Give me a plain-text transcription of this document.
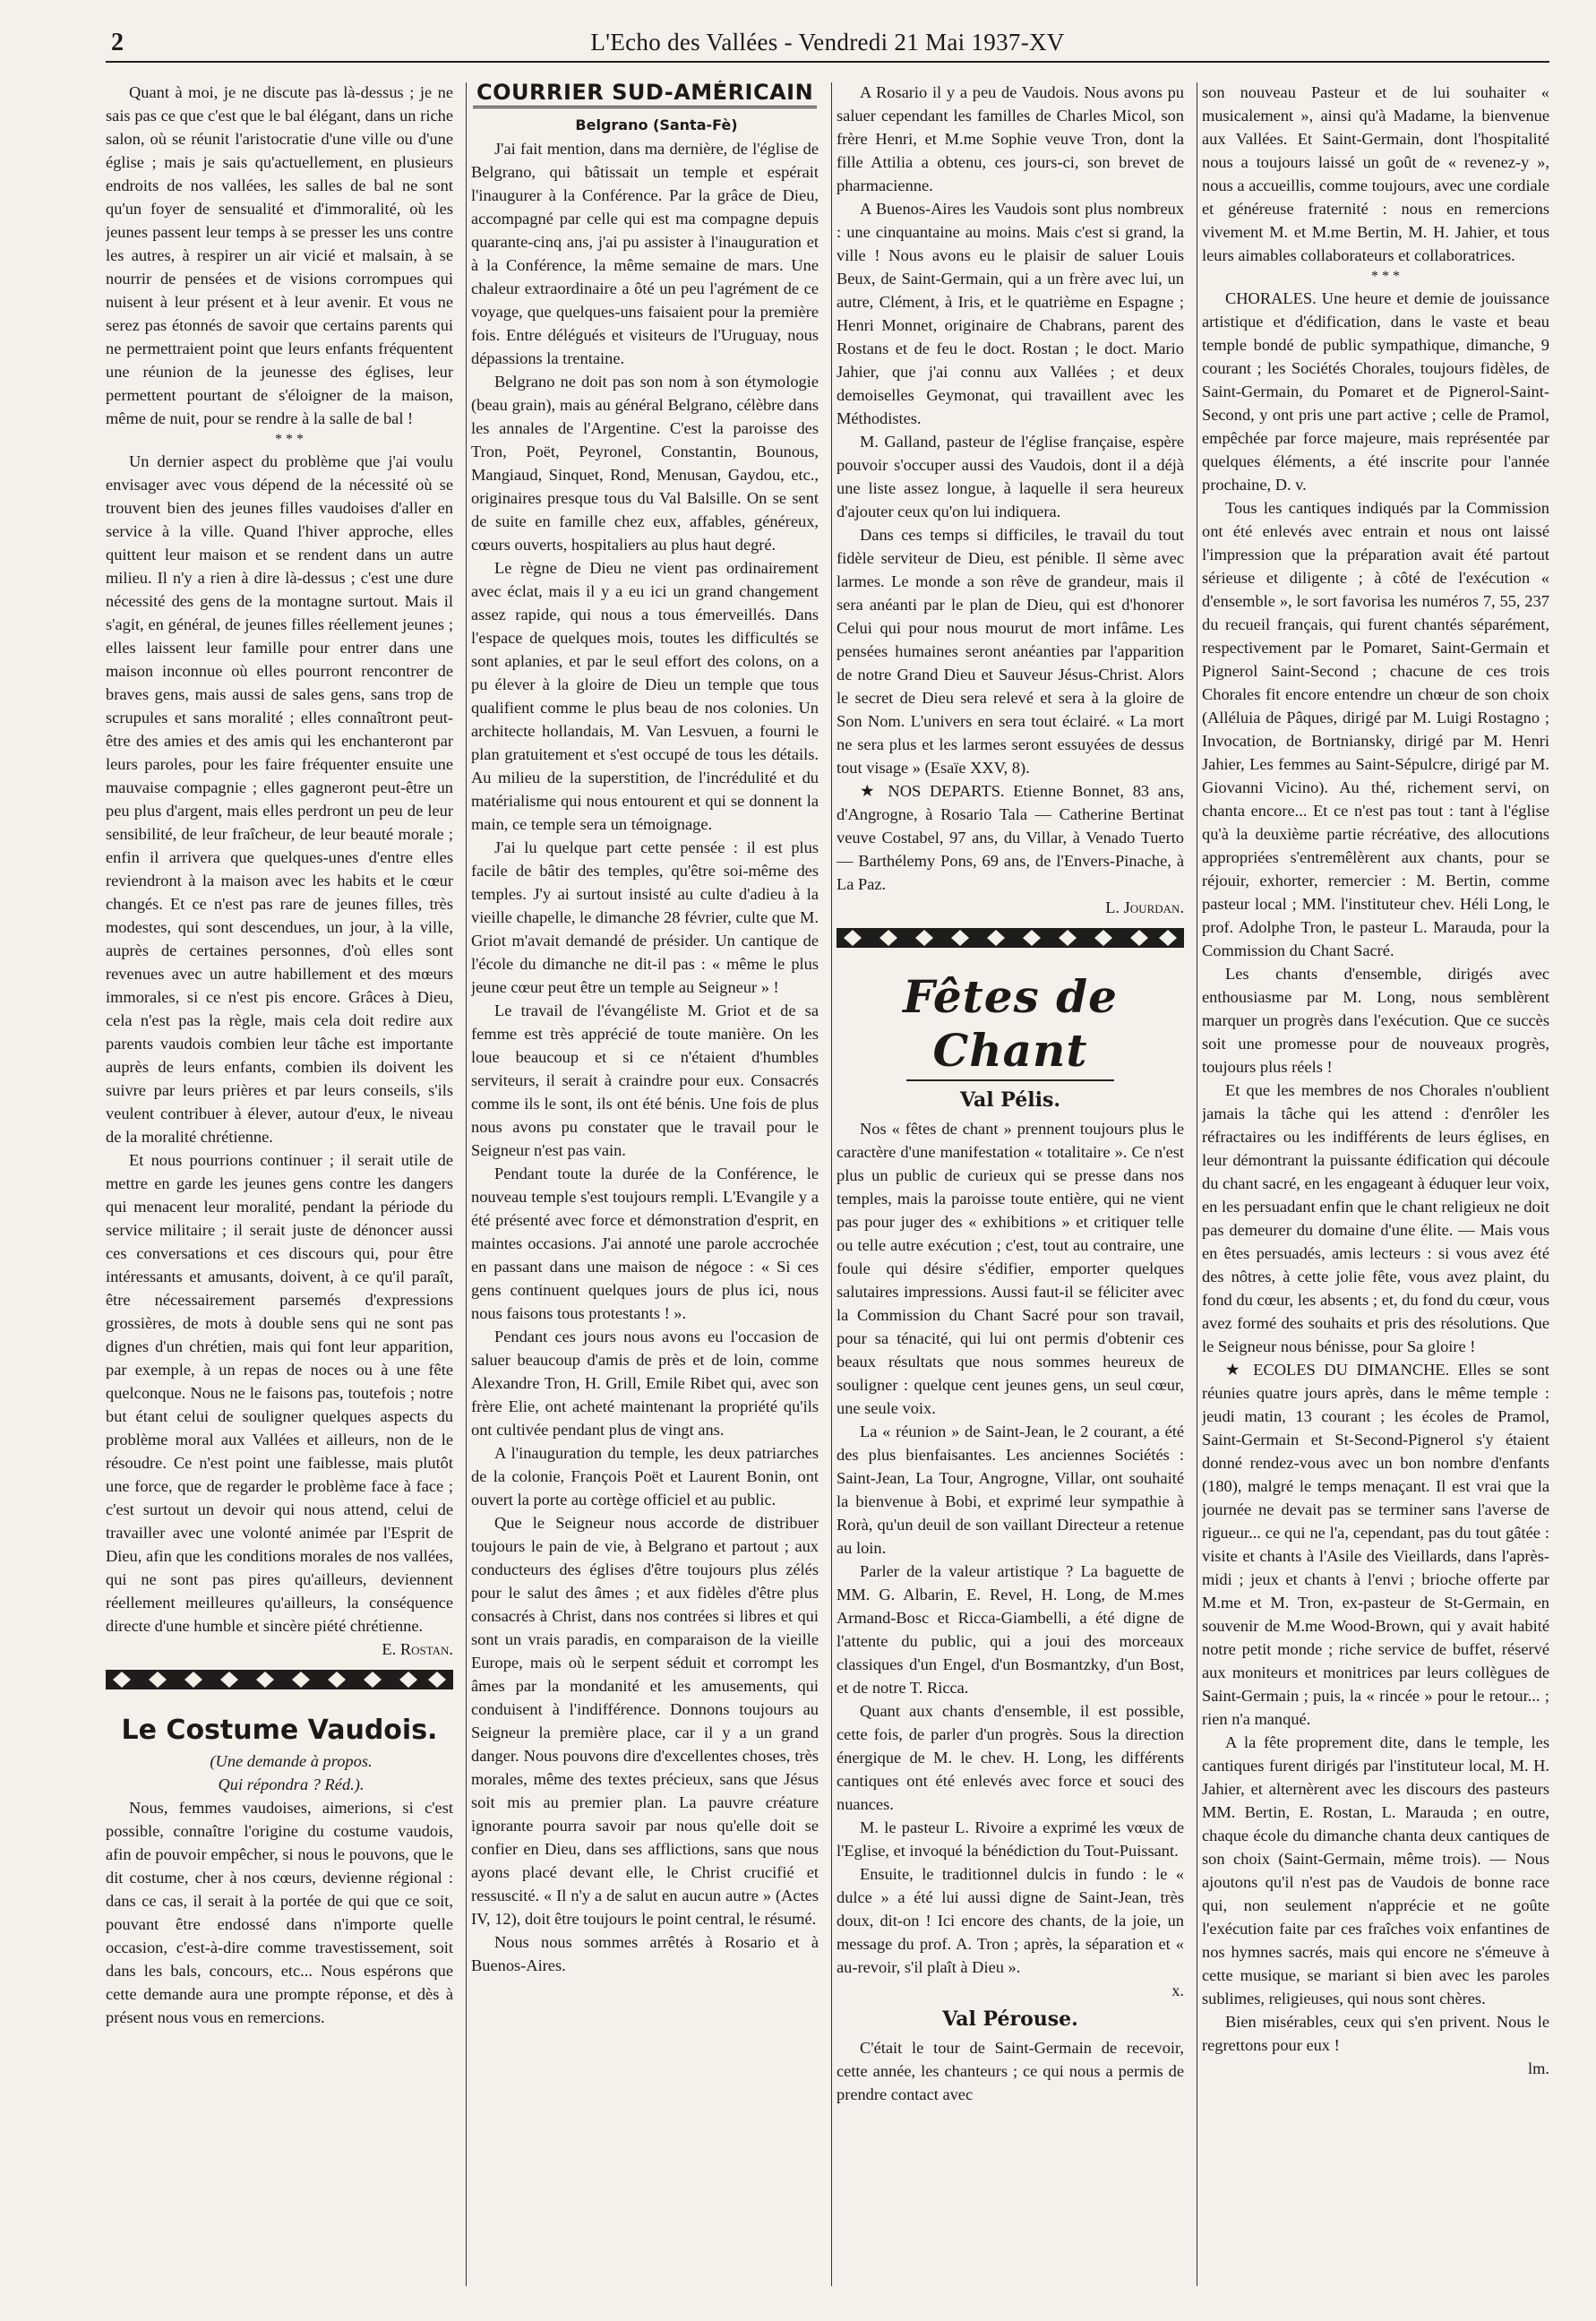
2	L'Echo des Vallées - Vendredi 21 Mai 1937-XV

Quant à moi, je ne discute pas là-dessus ; je ne sais pas ce que c'est que le bal élégant, dans un riche salon, où se réunit l'aristocratie d'une ville ou d'une église ; mais je sais qu'actuellement, en plusieurs endroits de nos vallées, les salles de bal ne sont qu'un foyer de sensualité et d'immoralité, où les jeunes passent leur temps à se presser les uns contre les autres, à respirer un air vicié et malsain, à se nourrir de pensées et de visions corrompues qui nuisent à leur présent et à leur avenir. Et vous ne serez pas étonnés de savoir que certains parents qui ne permettraient point que leurs enfants fréquentent une réunion de la jeunesse des églises, leur permettent pourtant de s'éloigner de la maison, même de nuit, pour se rendre à la salle de bal !

***

Un dernier aspect du problème que j'ai voulu envisager avec vous dépend de la nécessité où se trouvent bien des jeunes filles vaudoises d'aller en service à la ville. Quand l'hiver approche, elles quittent leur maison et se rendent dans un autre milieu. Il n'y a rien à dire là-dessus ; c'est une dure nécessité des gens de la montagne surtout. Mais il s'agit, en général, de jeunes filles réellement jeunes ; elles laissent leur famille pour entrer dans une maison inconnue où elles pourront rencontrer de braves gens, mais aussi de sales gens, sans trop de scrupules et sans moralité ; elles connaîtront peut-être des amies et des amis qui les enchanteront par leurs paroles, pour les faire fréquenter ensuite une mauvaise compagnie ; elles gagneront peut-être un peu plus d'argent, mais elles perdront un peu de leur sensibilité, de leur fraîcheur, de leur beauté morale ; enfin il arrivera que quelques-unes d'entre elles reviendront à la maison avec les habits et le cœur changés. Et ce n'est pas rare de jeunes filles, très modestes, qui sont descendues, un jour, à la ville, auprès de certaines personnes, d'où elles sont revenues avec un autre habillement et des mœurs immorales, si ce n'est pis encore. Grâces à Dieu, cela n'est pas la règle, mais cela doit redire aux parents vaudois combien leur tâche est importante auprès de leurs enfants, combien ils doivent les suivre par leurs prières et par leurs conseils, s'ils veulent contribuer à élever, autour d'eux, le niveau de la moralité chrétienne.

Et nous pourrions continuer ; il serait utile de mettre en garde les jeunes gens contre les dangers qui menacent leur moralité, pendant la période du service militaire ; il serait juste de dénoncer aussi ces conversations et ces discours qui, pour être intéressants et amusants, doivent, à ce qu'il paraît, être nécessairement parsemés d'expressions grossières, de mots à double sens qui ne sont pas dignes d'un chrétien, mais qui font leur apparition, par exemple, à un repas de noces ou à une fête quelconque. Nous ne le faisons pas, toutefois ; notre but étant celui de souligner quelques aspects du problème moral aux Vallées et ailleurs, non de le résoudre. Ce n'est point une faiblesse, mais plutôt une force, que de regarder le problème face à face ; c'est surtout un devoir qui nous attend, celui de travailler avec une volonté animée par l'Esprit de Dieu, afin que les conditions morales de nos vallées, qui ne sont pas pires qu'ailleurs, deviennent réellement meilleures qu'ailleurs, la conséquence directe d'une humble et sincère piété chrétienne.

E. Rostan.

Le Costume Vaudois.

(Une demande à propos.

Qui répondra ? Réd.).

Nous, femmes vaudoises, aimerions, si c'est possible, connaître l'origine du costume vaudois, afin de pouvoir empêcher, si nous le pouvons, que le dit costume, cher à nos cœurs, devienne régional : dans ce cas, il serait à la portée de qui que ce soit, pouvant être endossé dans n'importe quelle occasion, c'est-à-dire comme travestissement, soit dans les bals, concours, etc... Nous espérons que cette demande aura une prompte réponse, et dès à présent nous vous en remercions.

COURRIER SUD-AMÉRICAIN

Belgrano (Santa-Fè)

J'ai fait mention, dans ma dernière, de l'église de Belgrano, qui bâtissait un temple et espérait l'inaugurer à la Conférence. Par la grâce de Dieu, accompagné par celle qui est ma compagne depuis quarante-cinq ans, j'ai pu assister à l'inauguration et à la Conférence, la même semaine de mars. Une chaleur extraordinaire a ôté un peu l'agrément de ce voyage, que quelques-uns faisaient pour la première fois. Entre délégués et visiteurs de l'Uruguay, nous dépassions la trentaine.

Belgrano ne doit pas son nom à son étymologie (beau grain), mais au général Belgrano, célèbre dans les annales de l'Argentine. C'est la paroisse des Tron, Poët, Peyronel, Constantin, Bounous, Mangiaud, Sinquet, Rond, Menusan, Gaydou, etc., originaires presque tous du Val Balsille. On se sent de suite en famille chez eux, affables, généreux, cœurs ouverts, hospitaliers au plus haut degré.

Le règne de Dieu ne vient pas ordinairement avec éclat, mais il y a eu ici un grand changement assez rapide, qui nous a tous émerveillés. Dans l'espace de quelques mois, toutes les difficultés se sont aplanies, et par le seul effort des colons, on a pu élever à la gloire de Dieu un temple que tous qualifient comme le plus beau de nos colonies. Un architecte hollandais, M. Van Lesvuen, a fourni le plan gratuitement et s'est occupé de tous les détails. Au milieu de la superstition, de l'incrédulité et du matérialisme qui nous entourent et qui se donnent la main, ce temple sera un témoignage.

J'ai lu quelque part cette pensée : il est plus facile de bâtir des temples, qu'être soi-même des temples. J'y ai surtout insisté au culte d'adieu à la vieille chapelle, le dimanche 28 février, culte que M. Griot m'avait demandé de présider. Un cantique de l'école du dimanche ne dit-il pas : « même le plus jeune cœur peut être un temple au Seigneur » !

Le travail de l'évangéliste M. Griot et de sa femme est très apprécié de toute manière. On les loue beaucoup et si ce n'étaient d'humbles serviteurs, il serait à craindre pour eux. Consacrés comme ils le sont, ils ont été bénis. Une fois de plus nous avons pu constater que le travail pour le Seigneur n'est pas vain.

Pendant toute la durée de la Conférence, le nouveau temple s'est toujours rempli. L'Evangile y a été présenté avec force et démonstration d'esprit, en maintes occasions. J'ai annoté une parole accrochée en passant dans une maison de négoce : « Si ces gens continuent quelques jours de plus ici, nous nous faisons tous protestants ! ».

Pendant ces jours nous avons eu l'occasion de saluer beaucoup d'amis de près et de loin, comme Alexandre Tron, H. Grill, Emile Ribet qui, avec son frère Elie, ont acheté maintenant la propriété qu'ils ont cultivée pendant plus de vingt ans.

A l'inauguration du temple, les deux patriarches de la colonie, François Poët et Laurent Bonin, ont ouvert la porte au cortège officiel et au public.

Que le Seigneur nous accorde de distribuer toujours le pain de vie, à Belgrano et partout ; aux conducteurs des églises d'être toujours plus zélés pour le salut des âmes ; et aux fidèles d'être plus consacrés à Christ, dans nos contrées si libres et qui sont un vrais paradis, en comparaison de la vieille Europe, mais où le serpent séduit et corrompt les âmes par la mondanité et les amusements, qui conduisent à l'indifférence. Donnons toujours au Seigneur la première place, car il y a un grand danger. Nous pouvons dire d'excellentes choses, très morales, même des textes précieux, sans que Jésus soit mis au premier plan. La pauvre créature ignorante pourra savoir par nous qu'elle doit se confier en Dieu, dans ses afflictions, sans que nous ayons placé devant elle, le Christ crucifié et ressuscité. « Il n'y a de salut en aucun autre » (Actes IV, 12), doit être toujours le point central, le résumé.

Nous nous sommes arrêtés à Rosario et à Buenos-Aires.

A Rosario il y a peu de Vaudois. Nous avons pu saluer cependant les familles de Charles Micol, son frère Henri, et M.me Sophie veuve Tron, dont la fille Attilia a obtenu, ces jours-ci, son brevet de pharmacienne.

A Buenos-Aires les Vaudois sont plus nombreux : une cinquantaine au moins. Mais c'est si grand, la ville ! Nous avons eu le plaisir de saluer Louis Beux, de Saint-Germain, qui a un frère avec lui, un autre, Clément, à Iris, et le quatrième en Espagne ; Henri Monnet, originaire de Chabrans, parent des Rostans et de feu le doct. Rostan ; le doct. Mario Jahier, que j'ai connu aux Vallées ; et deux demoiselles Geymonat, qui travaillent avec les Méthodistes.

M. Galland, pasteur de l'église française, espère pouvoir s'occuper aussi des Vaudois, dont il a déjà une liste assez longue, à laquelle il sera heureux d'ajouter ceux qu'on lui indiquera.

Dans ces temps si difficiles, le travail du tout fidèle serviteur de Dieu, est pénible. Il sème avec larmes. Le monde a son rêve de grandeur, mais il sera anéanti par le plan de Dieu, qui est d'honorer Celui qui pour nous mourut de mort infâme. Les pensées humaines seront anéanties par l'apparition de notre Grand Dieu et Sauveur Jésus-Christ. Alors le secret de Dieu sera relevé et sera à la gloire de Son Nom. L'univers en sera tout éclairé. « La mort ne sera plus et les larmes seront essuyées de dessus tout visage » (Esaïe XXV, 8).

★ NOS DEPARTS. Etienne Bonnet, 83 ans, d'Angrogne, à Rosario Tala — Catherine Bertinat veuve Costabel, 97 ans, du Villar, à Venado Tuerto — Barthélemy Pons, 69 ans, de l'Envers-Pinache, à La Paz.

L. Jourdan.

Fêtes de Chant
Val Pélis.

Nos « fêtes de chant » prennent toujours plus le caractère d'une manifestation « totalitaire ». Ce n'est plus un public de curieux qui se presse dans nos temples, mais la paroisse toute entière, qui ne vient pas pour juger des « exhibitions » et critiquer telle ou telle autre exécution ; c'est, tout au contraire, une foule qui désire s'édifier, emporter quelques salutaires impressions. Aussi faut-il se féliciter avec la Commission du Chant Sacré pour son travail, pour sa ténacité, qui lui ont permis d'obtenir ces beaux résultats que nous sommes heureux de souligner : quelque cent jeunes gens, un seul cœur, une seule voix.

La « réunion » de Saint-Jean, le 2 courant, a été des plus bienfaisantes. Les anciennes Sociétés : Saint-Jean, La Tour, Angrogne, Villar, ont souhaité la bienvenue à Bobi, et exprimé leur sympathie à Rorà, qu'un deuil de son vaillant Directeur a retenue au loin.

Parler de la valeur artistique ? La baguette de MM. G. Albarin, E. Revel, H. Long, de M.mes Armand-Bosc et Ricca-Giambelli, a été digne de l'attente du public, qui a joui des morceaux classiques d'un Engel, d'un Bosmantzky, d'un Bost, et de notre T. Ricca.

Quant aux chants d'ensemble, il est possible, cette fois, de parler d'un progrès. Sous la direction énergique de M. le chev. H. Long, les différents cantiques ont été enlevés avec force et souci des nuances.

M. le pasteur L. Rivoire a exprimé les vœux de l'Eglise, et invoqué la bénédiction du Tout-Puissant.

Ensuite, le traditionnel dulcis in fundo : le « dulce » a été lui aussi digne de Saint-Jean, très doux, dit-on ! Ici encore des chants, de la joie, un message du prof. A. Tron ; après, la séparation et « au-revoir, s'il plaît à Dieu ».

x.

Val Pérouse.

C'était le tour de Saint-Germain de recevoir, cette année, les chanteurs ; ce qui nous a permis de prendre contact avec

son nouveau Pasteur et de lui souhaiter « musicalement », ainsi qu'à Madame, la bienvenue aux Vallées. Et Saint-Germain, dont l'hospitalité nous a toujours laissé un goût de « revenez-y », nous a accueillis, comme toujours, avec une cordiale et généreuse fraternité : nous en remercions vivement M. et M.me Bertin, M. H. Jahier, et tous leurs aimables collaborateurs et collaboratrices.

***

CHORALES. Une heure et demie de jouissance artistique et d'édification, dans le vaste et beau temple bondé de public sympathique, dimanche, 9 courant ; les Sociétés Chorales, toujours fidèles, de Saint-Germain, du Pomaret et de Pignerol-Saint-Second, y ont pris une part active ; celle de Pramol, empêchée par force majeure, mais représentée par quelques éléments, a été inscrite pour l'année prochaine, D. v.

Tous les cantiques indiqués par la Commission ont été enlevés avec entrain et nous ont laissé l'impression que la préparation avait été partout sérieuse et diligente ; à côté de l'exécution « d'ensemble », le sort favorisa les numéros 7, 55, 237 du recueil français, qui furent chantés séparément, respectivement par le Pomaret, Saint-Germain et Pignerol Saint-Second ; chacune de ces trois Chorales fit encore entendre un chœur de son choix (Alléluia de Pâques, dirigé par M. Luigi Rostagno ; Invocation, de Bortniansky, dirigé par M. Henri Jahier, Les femmes au Saint-Sépulcre, dirigé par M. Giovanni Vicino). Au thé, richement servi, on chanta encore... Et ce n'est pas tout : tant à l'église qu'à la deuxième partie récréative, des allocutions appropriées s'entremêlèrent aux chants, pour se réjouir, exhorter, remercier : M. Bertin, comme pasteur local ; MM. l'instituteur chev. Héli Long, le prof. Adolphe Tron, le pasteur L. Marauda, pour la Commission du Chant Sacré.

Les chants d'ensemble, dirigés avec enthousiasme par M. Long, nous semblèrent marquer un progrès dans l'exécution. Que ce succès soit une promesse pour de nouveaux progrès, toujours plus réels !

Et que les membres de nos Chorales n'oublient jamais la tâche qui les attend : d'enrôler les réfractaires ou les indifférents de leurs églises, en leur démontrant la puissante édification qui découle du chant sacré, en les engageant à éduquer leur voix, en les persuadant enfin que le chant religieux ne doit pas demeurer du domaine d'une élite. — Mais vous en êtes persuadés, amis lecteurs : si vous avez été des nôtres, à cette jolie fête, vous avez plaint, du fond du cœur, les absents ; et, du fond du cœur, vous avez formé des souhaits et pris des résolutions. Que le Seigneur nous bénisse, pour Sa gloire !

★ ECOLES DU DIMANCHE. Elles se sont réunies quatre jours après, dans le même temple : jeudi matin, 13 courant ; les écoles de Pramol, Saint-Germain et St-Second-Pignerol s'y étaient donné rendez-vous avec un bon nombre d'enfants (180), malgré le temps menaçant. Il est vrai que la journée ne devait pas se terminer sans l'averse de rigueur... ce qui ne l'a, cependant, pas du tout gâtée : visite et chants à l'Asile des Vieillards, dans l'après-midi ; jeux et chants à l'envi ; brioche offerte par M.me et M. Tron, ex-pasteur de St-Germain, en souvenir de M.me Wood-Brown, qui y avait habité notre petit monde ; riche service de buffet, réservé aux moniteurs et monitrices par leurs collègues de Saint-Germain ; puis, la « rincée » pour le retour... ; rien n'a manqué.

A la fête proprement dite, dans le temple, les cantiques furent dirigés par l'instituteur local, M. H. Jahier, et alternèrent avec les discours des pasteurs MM. Bertin, E. Rostan, L. Marauda ; en outre, chaque école du dimanche chanta deux cantiques de son choix (Saint-Germain, même trois). — Nous ajoutons qu'il n'est pas de Vaudois de bonne race qui, non seulement n'apprécie et ne goûte l'exécution faite par ces fraîches voix enfantines de nos hymnes sacrés, mais qui encore ne s'émeuve à cette musique, se mariant si bien avec les paroles sublimes, religieuses, qui nous sont chères.

Bien misérables, ceux qui s'en privent. Nous le regrettons pour eux !

lm.
